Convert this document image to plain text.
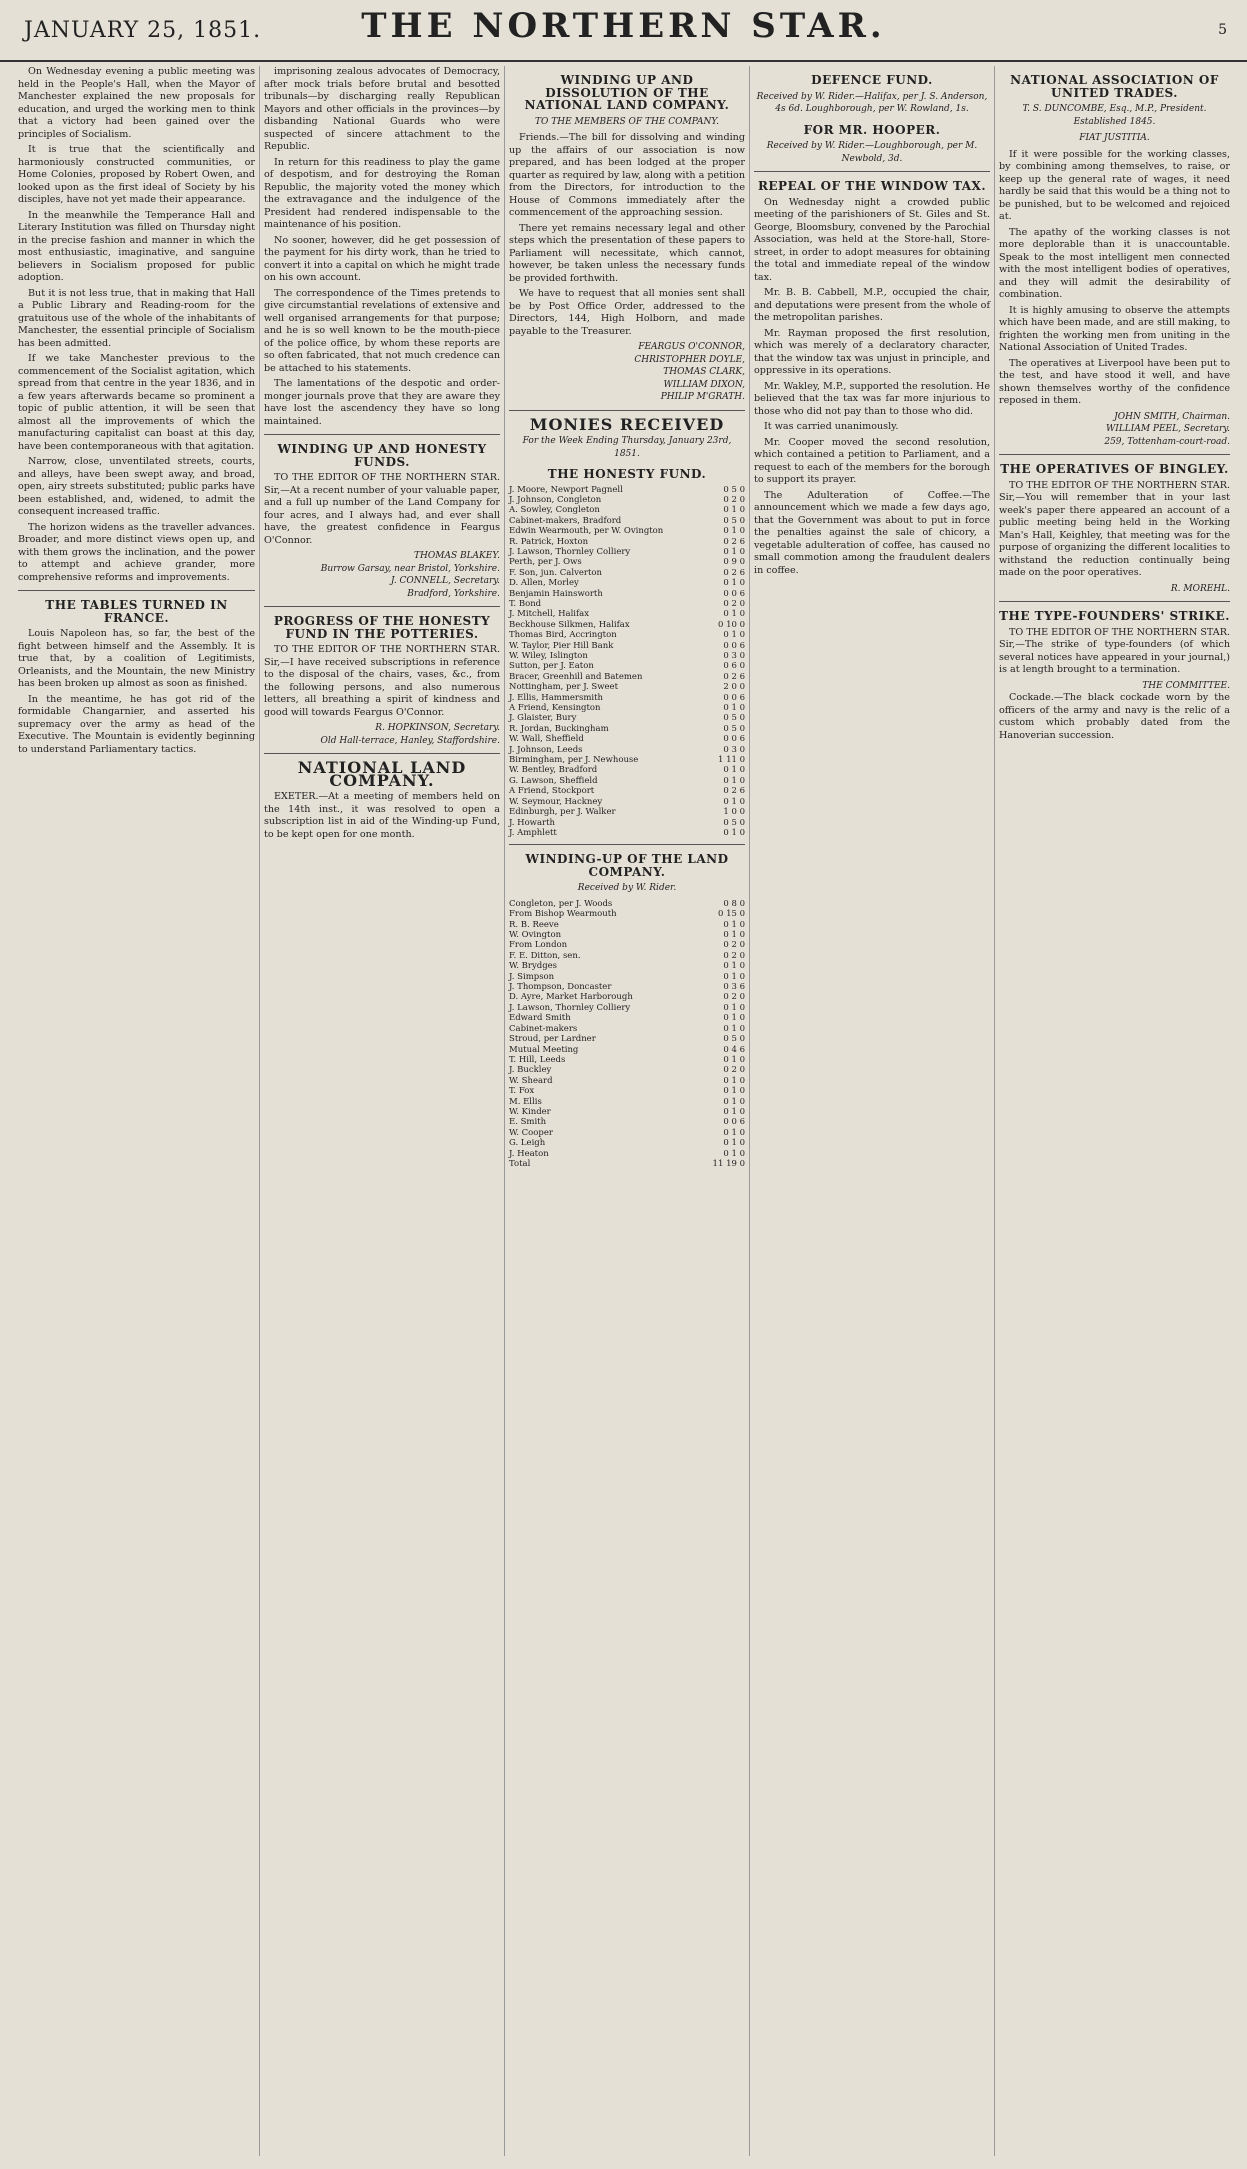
JANUARY 25, 1851.	THE NORTHERN STAR.	5

On Wednesday evening a public meeting was held in the People's Hall, when the Mayor of Manchester explained the new proposals for education, and urged the working men to think that a victory had been gained over the principles of Socialism.

It is true that the scientifically and harmoniously constructed communities, or Home Colonies, proposed by Robert Owen, and looked upon as the first ideal of Society by his disciples, have not yet made their appearance.

In the meanwhile the Temperance Hall and Literary Institution was filled on Thursday night in the precise fashion and manner in which the most enthusiastic, imaginative, and sanguine believers in Socialism proposed for public adoption.

But it is not less true, that in making that Hall a Public Library and Reading-room for the gratuitous use of the whole of the inhabitants of Manchester, the essential principle of Socialism has been admitted.

If we take Manchester previous to the commencement of the Socialist agitation, which spread from that centre in the year 1836, and in a few years afterwards became so prominent a topic of public attention, it will be seen that almost all the improvements of which the manufacturing capitalist can boast at this day, have been contemporaneous with that agitation.

Narrow, close, unventilated streets, courts, and alleys, have been swept away, and broad, open, airy streets substituted; public parks have been established, and, widened, to admit the consequent increased traffic.

The horizon widens as the traveller advances. Broader, and more distinct views open up, and with them grows the inclination, and the power to attempt and achieve grander, more comprehensive reforms and improvements.

THE TABLES TURNED IN FRANCE.

Louis Napoleon has, so far, the best of the fight between himself and the Assembly. It is true that, by a coalition of Legitimists, Orleanists, and the Mountain, the new Ministry has been broken up almost as soon as finished.

In the meantime, he has got rid of the formidable Changarnier, and asserted his supremacy over the army as head of the Executive. The Mountain is evidently beginning to understand Parliamentary tactics.

imprisoning zealous advocates of Democracy, after mock trials before brutal and besotted tribunals—by discharging really Republican Mayors and other officials in the provinces—by disbanding National Guards who were suspected of sincere attachment to the Republic.

In return for this readiness to play the game of despotism, and for destroying the Roman Republic, the majority voted the money which the extravagance and the indulgence of the President had rendered indispensable to the maintenance of his position.

No sooner, however, did he get possession of the payment for his dirty work, than he tried to convert it into a capital on which he might trade on his own account.

The correspondence of the Times pretends to give circumstantial revelations of extensive and well organised arrangements for that purpose; and he is so well known to be the mouth-piece of the police office, by whom these reports are so often fabricated, that not much credence can be attached to his statements.

The lamentations of the despotic and order-monger journals prove that they are aware they have lost the ascendency they have so long maintained.

WINDING UP AND HONESTY FUNDS.

TO THE EDITOR OF THE NORTHERN STAR. Sir,—At a recent number of your valuable paper, and a full up number of the Land Company for four acres, and I always had, and ever shall have, the greatest confidence in Feargus O'Connor.

THOMAS BLAKEY.
Burrow Garsay, near Bristol, Yorkshire.
J. CONNELL, Secretary.
Bradford, Yorkshire.
PROGRESS OF THE HONESTY FUND IN THE POTTERIES.

TO THE EDITOR OF THE NORTHERN STAR. Sir,—I have received subscriptions in reference to the disposal of the chairs, vases, &c., from the following persons, and also numerous letters, all breathing a spirit of kindness and good will towards Feargus O'Connor.

R. HOPKINSON, Secretary.
Old Hall-terrace, Hanley, Staffordshire.
NATIONAL LAND COMPANY.

EXETER.—At a meeting of members held on the 14th inst., it was resolved to open a subscription list in aid of the Winding-up Fund, to be kept open for one month.

WINDING UP AND DISSOLUTION OF THE NATIONAL LAND COMPANY.
TO THE MEMBERS OF THE COMPANY.

Friends.—The bill for dissolving and winding up the affairs of our association is now prepared, and has been lodged at the proper quarter as required by law, along with a petition from the Directors, for introduction to the House of Commons immediately after the commencement of the approaching session.

There yet remains necessary legal and other steps which the presentation of these papers to Parliament will necessitate, which cannot, however, be taken unless the necessary funds be provided forthwith.

We have to request that all monies sent shall be by Post Office Order, addressed to the Directors, 144, High Holborn, and made payable to the Treasurer.

FEARGUS O'CONNOR,
CHRISTOPHER DOYLE,
THOMAS CLARK,
WILLIAM DIXON,
PHILIP M'GRATH.
MONIES RECEIVED
For the Week Ending Thursday, January 23rd, 1851.
THE HONESTY FUND.
J. Moore, Newport Pagnell	0 5 0
J. Johnson, Congleton	0 2 0
A. Sowley, Congleton	0 1 0
Cabinet-makers, Bradford	0 5 0
Edwin Wearmouth, per W. Ovington	0 1 0
R. Patrick, Hoxton	0 2 6
J. Lawson, Thornley Colliery	0 1 0
Perth, per J. Ows	0 9 0
F. Son, jun. Calverton	0 2 6
D. Allen, Morley	0 1 0
Benjamin Hainsworth	0 0 6
T. Bond	0 2 0
J. Mitchell, Halifax	0 1 0
Beckhouse Silkmen, Halifax	0 10 0
Thomas Bird, Accrington	0 1 0
W. Taylor, Pier Hill Bank	0 0 6
W. Wiley, Islington	0 3 0
Sutton, per J. Eaton	0 6 0
Bracer, Greenhill and Batemen	0 2 6
Nottingham, per J. Sweet	2 0 0
J. Ellis, Hammersmith	0 0 6
A Friend, Kensington	0 1 0
J. Glaister, Bury	0 5 0
R. Jordan, Buckingham	0 5 0
W. Wall, Sheffield	0 0 6
J. Johnson, Leeds	0 3 0
Birmingham, per J. Newhouse	1 11 0
W. Bentley, Bradford	0 1 0
G. Lawson, Sheffield	0 1 0
A Friend, Stockport	0 2 6
W. Seymour, Hackney	0 1 0
Edinburgh, per J. Walker	1 0 0
J. Howarth	0 5 0
J. Amphlett	0 1 0
WINDING-UP OF THE LAND COMPANY.
Received by W. Rider.
Congleton, per J. Woods	0 8 0
From Bishop Wearmouth	0 15 0
R. B. Reeve	0 1 0
W. Ovington	0 1 0
From London	0 2 0
F. E. Ditton, sen.	0 2 0
W. Brydges	0 1 0
J. Simpson	0 1 0
J. Thompson, Doncaster	0 3 6
D. Ayre, Market Harborough	0 2 0
J. Lawson, Thornley Colliery	0 1 0
Edward Smith	0 1 0
Cabinet-makers	0 1 0
Stroud, per Lardner	0 5 0
Mutual Meeting	0 4 6
T. Hill, Leeds	0 1 0
J. Buckley	0 2 0
W. Sheard	0 1 0
T. Fox	0 1 0
M. Ellis	0 1 0
W. Kinder	0 1 0
E. Smith	0 0 6
W. Cooper	0 1 0
G. Leigh	0 1 0
J. Heaton	0 1 0
Total	11 19 0
DEFENCE FUND.
Received by W. Rider.—Halifax, per J. S. Anderson, 4s 6d. Loughborough, per W. Rowland, 1s.
FOR MR. HOOPER.
Received by W. Rider.—Loughborough, per M. Newbold, 3d.
REPEAL OF THE WINDOW TAX.

On Wednesday night a crowded public meeting of the parishioners of St. Giles and St. George, Bloomsbury, convened by the Parochial Association, was held at the Store-hall, Store-street, in order to adopt measures for obtaining the total and immediate repeal of the window tax.

Mr. B. B. Cabbell, M.P., occupied the chair, and deputations were present from the whole of the metropolitan parishes.

Mr. Rayman proposed the first resolution, which was merely of a declaratory character, that the window tax was unjust in principle, and oppressive in its operations.

Mr. Wakley, M.P., supported the resolution. He believed that the tax was far more injurious to those who did not pay than to those who did.

It was carried unanimously.

Mr. Cooper moved the second resolution, which contained a petition to Parliament, and a request to each of the members for the borough to support its prayer.

The Adulteration of Coffee.—The announcement which we made a few days ago, that the Government was about to put in force the penalties against the sale of chicory, a vegetable adulteration of coffee, has caused no small commotion among the fraudulent dealers in coffee.

NATIONAL ASSOCIATION OF UNITED TRADES.
T. S. DUNCOMBE, Esq., M.P., President. Established 1845.
FIAT JUSTITIA.

If it were possible for the working classes, by combining among themselves, to raise, or keep up the general rate of wages, it need hardly be said that this would be a thing not to be punished, but to be welcomed and rejoiced at.

The apathy of the working classes is not more deplorable than it is unaccountable. Speak to the most intelligent men connected with the most intelligent bodies of operatives, and they will admit the desirability of combination.

It is highly amusing to observe the attempts which have been made, and are still making, to frighten the working men from uniting in the National Association of United Trades.

The operatives at Liverpool have been put to the test, and have stood it well, and have shown themselves worthy of the confidence reposed in them.

JOHN SMITH, Chairman.
WILLIAM PEEL, Secretary.
259, Tottenham-court-road.
THE OPERATIVES OF BINGLEY.

TO THE EDITOR OF THE NORTHERN STAR. Sir,—You will remember that in your last week's paper there appeared an account of a public meeting being held in the Working Man's Hall, Keighley, that meeting was for the purpose of organizing the different localities to withstand the reduction continually being made on the poor operatives.

R. MOREHL.
THE TYPE-FOUNDERS' STRIKE.

TO THE EDITOR OF THE NORTHERN STAR. Sir,—The strike of type-founders (of which several notices have appeared in your journal,) is at length brought to a termination.

THE COMMITTEE.

Cockade.—The black cockade worn by the officers of the army and navy is the relic of a custom which probably dated from the Hanoverian succession.
